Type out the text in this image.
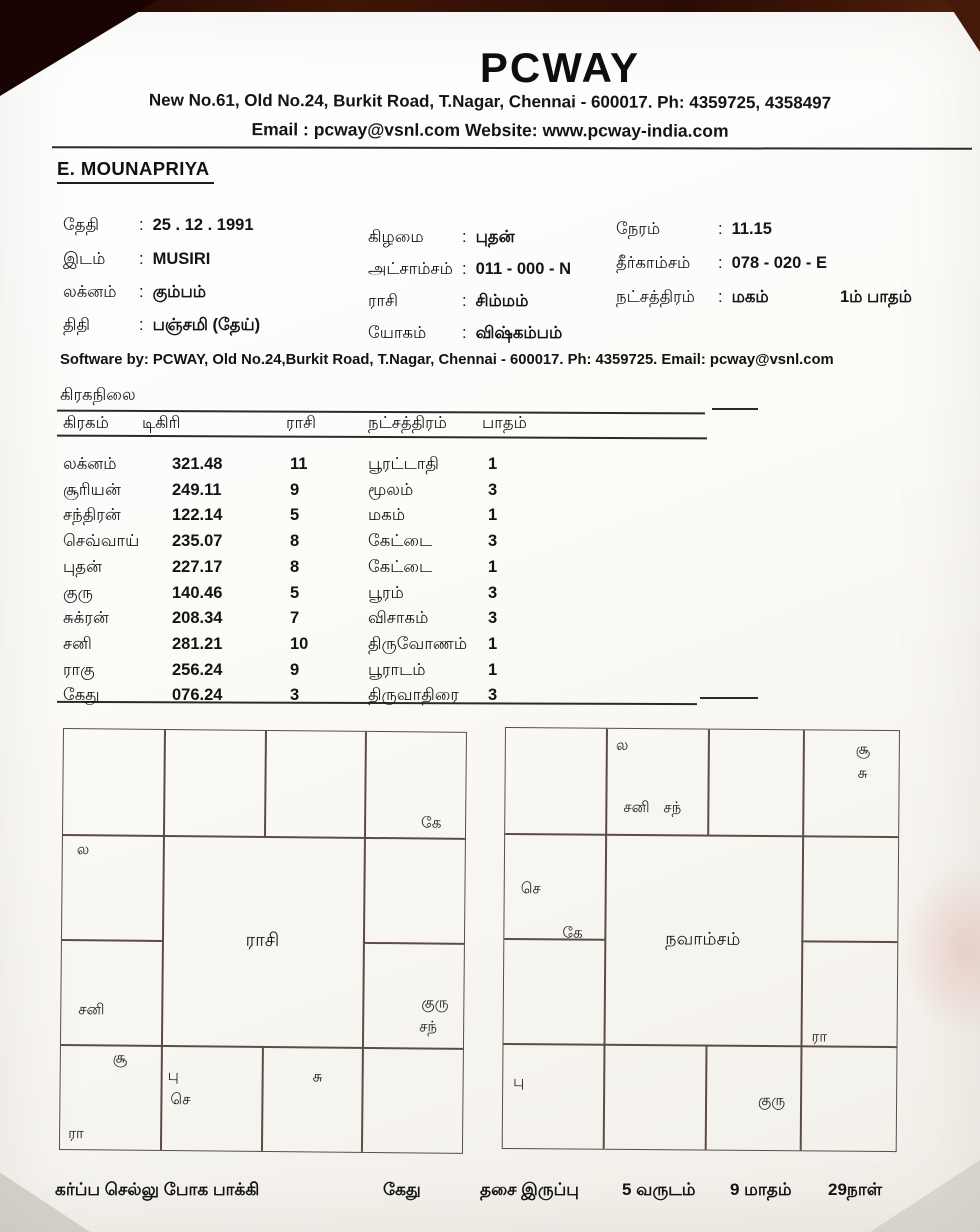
PCWAY
New No.61, Old No.24, Burkit Road, T.Nagar, Chennai - 600017. Ph: 4359725, 4358497
Email : pcway@vsnl.com Website: www.pcway-india.com
E. MOUNAPRIYA
தேதி : 25 . 12 . 1991
இடம் : MUSIRI
லக்னம் : கும்பம்
திதி	: பஞ்சமி (தேய்)
கிழமை : புதன்
அட்சாம்சம் : 011 - 000 - N
ராசி	: சிம்மம்
யோகம் : விஷ்கம்பம்
நேரம்	: 11.15
தீர்காம்சம் : 078 - 020 - E
நட்சத்திரம் : மகம்	1ம் பாதம்
Software by: PCWAY, Old No.24,Burkit Road, T.Nagar, Chennai - 600017. Ph: 4359725. Email: pcway@vsnl.com
கிரகநிலை
கிரகம் டிகிரி	ராசி	நட்சத்திரம் பாதம்
லக்னம்	321.48	11	பூரட்டாதி	1
சூரியன்	249.11	9	மூலம்	3
சந்திரன்	122.14	5	மகம்	1
செவ்வாய் 235.07	8	கேட்டை	3
புதன்	227.17	8	கேட்டை	1
குரு	140.46	5	பூரம்	3
சுக்ரன்	208.34	7	விசாகம்	3
சனி	281.21	10	திருவோணம் 1
ராகு	256.24	9	பூராடம்	1
கேது	076.24	3	திருவாதிரை 3
ராசி
கே
ல
சனி	குரு
சந்
சூ
ரா
பு
செ
சு
நவாம்சம்
ல
சனி சந்
சூ
சு
செ
கே
ரா
பு
குரு
கர்ப்ப செல்லு போக பாக்கி	கேது	தசை இருப்பு	5 வருடம் 9 மாதம் 29நாள்
